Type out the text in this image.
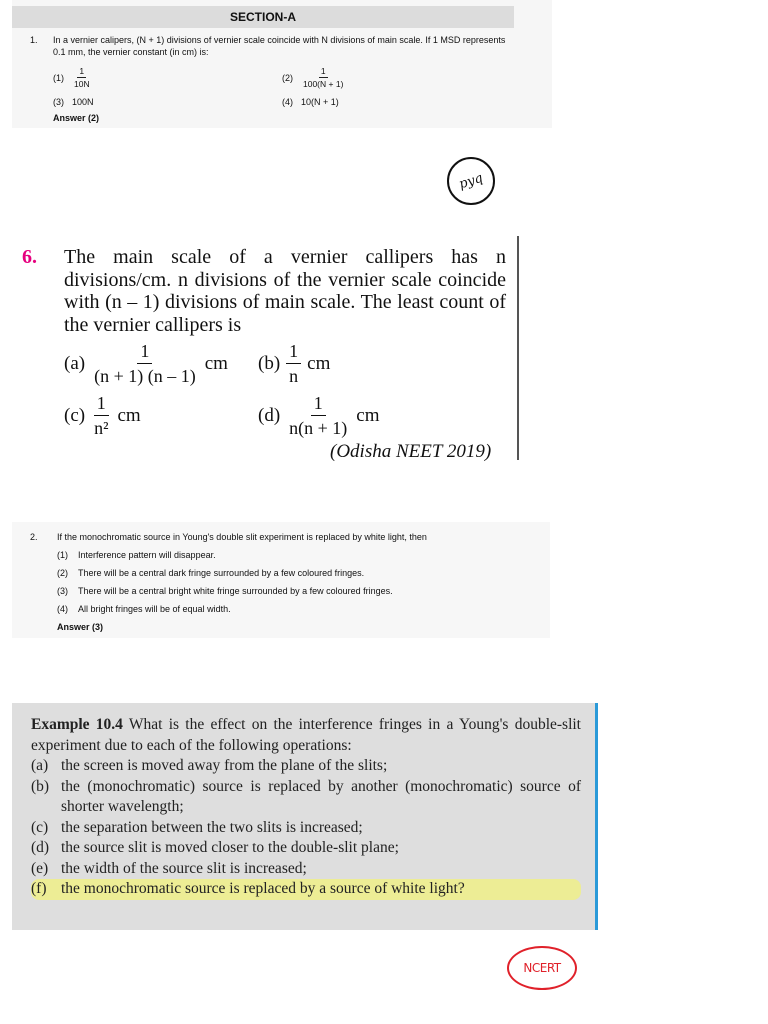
SECTION-A
1. In a vernier calipers, (N + 1) divisions of vernier scale coincide with N divisions of main scale. If 1 MSD represents 0.1 mm, the vernier constant (in cm) is:
$(1) \frac{1}{10N}$	$(2) \frac{1}{100(N + 1)}$
(3) 100N	(4) 10(N + 1)
Answer (2)
pyq
6. The main scale of a vernier callipers has n divisions/cm. n divisions of the vernier scale coincide with (n – 1) divisions of main scale. The least count of the vernier callipers is
$(a) \frac{1}{(n + 1) (n - 1)}$ cm $(b) \frac{1}{n}$ cm
$(c) \frac{1}{\text{n²}}$ cm	$(d) \frac{1}{n(n + 1)}$ cm
(Odisha NEET 2019)
2. If the monochromatic source in Young's double slit experiment is replaced by white light, then
(1) Interference pattern will disappear.
(2) There will be a central dark fringe surrounded by a few coloured fringes.
(3) There will be a central bright white fringe surrounded by a few coloured fringes.
(4) All bright fringes will be of equal width.
Answer (3)
Example 10.4 What is the effect on the interference fringes in a Young's double-slit experiment due to each of the following operations:
(a) the screen is moved away from the plane of the slits;
(b) the (monochromatic) source is replaced by another (monochromatic) source of shorter wavelength;
(c) the separation between the two slits is increased;
(d) the source slit is moved closer to the double-slit plane;
(e) the width of the source slit is increased;
(f) the monochromatic source is replaced by a source of white light?
NCERT
